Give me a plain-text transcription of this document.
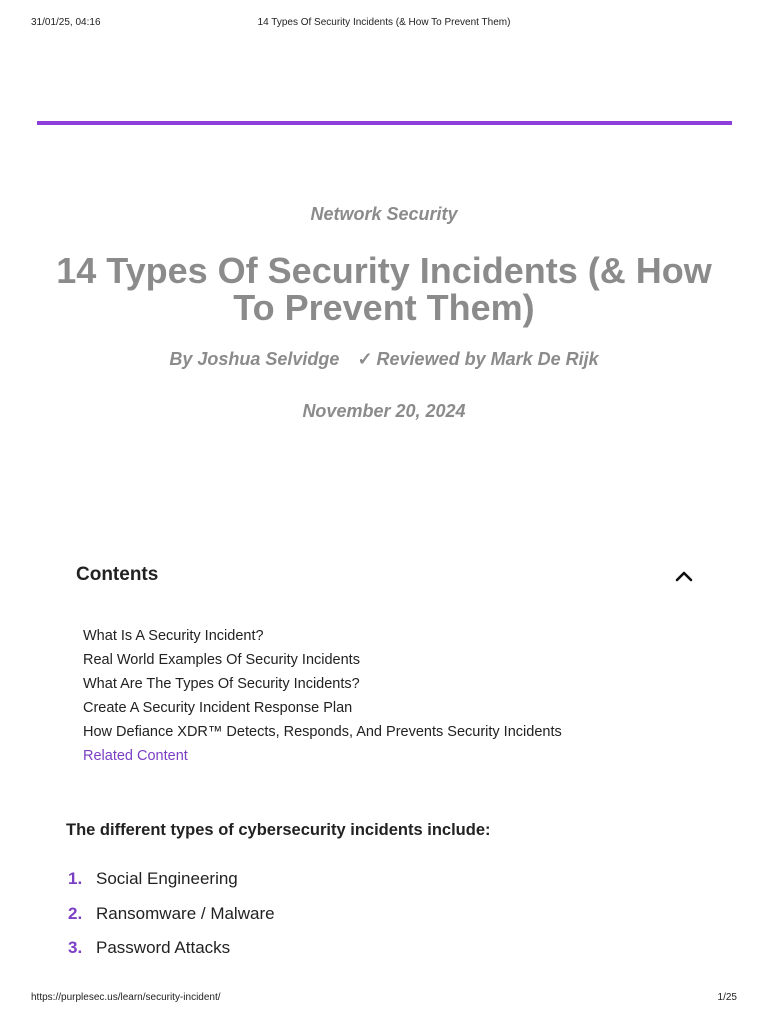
31/01/25, 04:16	14 Types Of Security Incidents (& How To Prevent Them)
Network Security
14 Types Of Security Incidents (& How To Prevent Them)
By Joshua Selvidge ✓ Reviewed by Mark De Rijk
November 20, 2024
Contents
What Is A Security Incident?
Real World Examples Of Security Incidents
What Are The Types Of Security Incidents?
Create A Security Incident Response Plan
How Defiance XDR™ Detects, Responds, And Prevents Security Incidents
Related Content
The different types of cybersecurity incidents include:
1. Social Engineering
2. Ransomware / Malware
3. Password Attacks
https://purplesec.us/learn/security-incident/	1/25
